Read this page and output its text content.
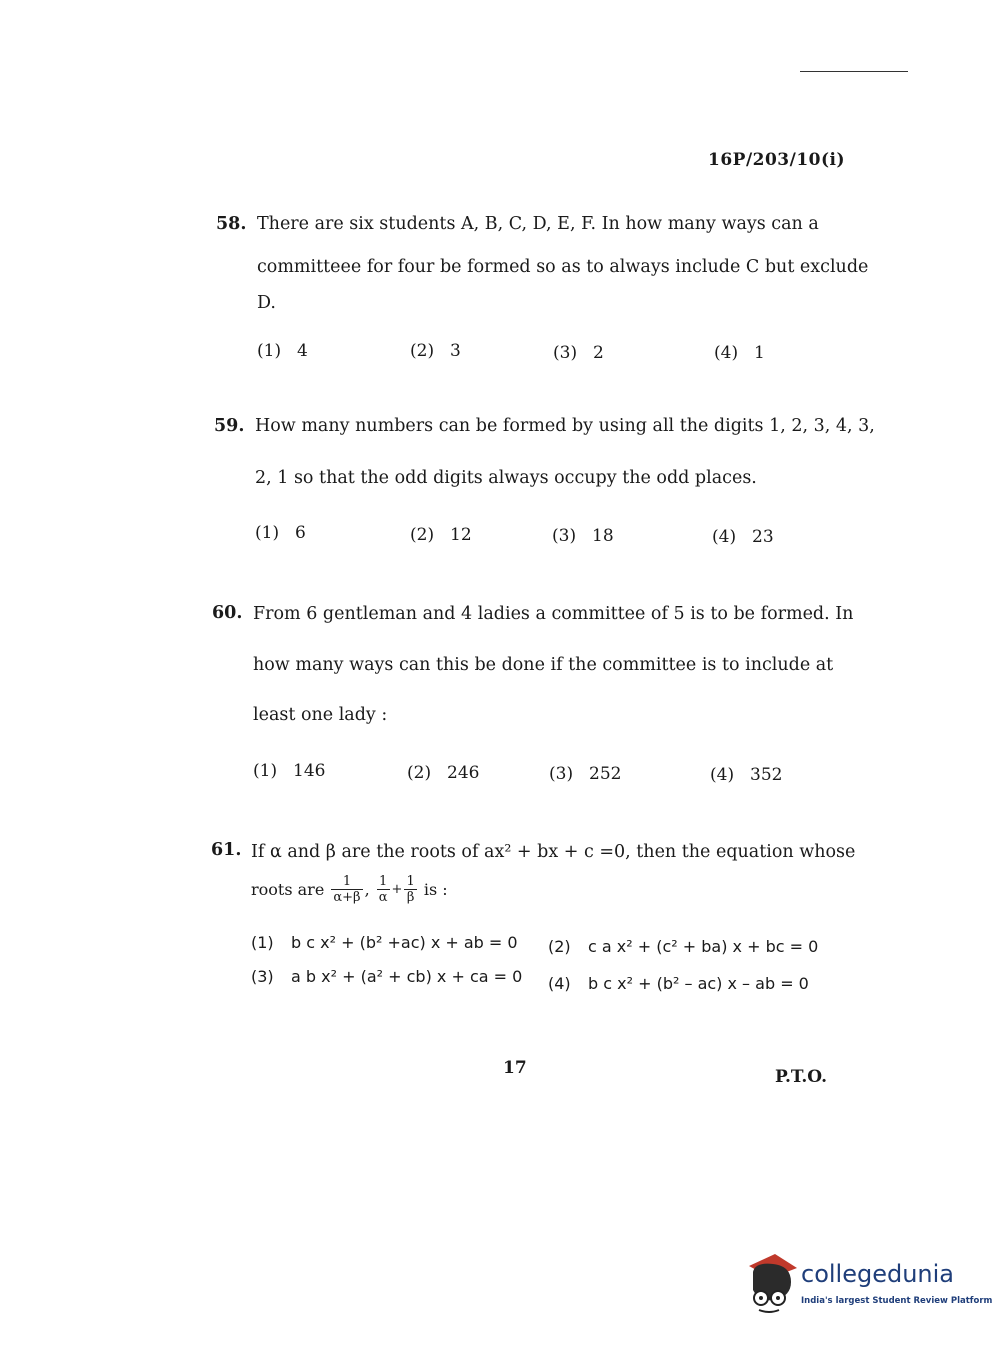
16P/203/10(i)
58. There are six students A, B, C, D, E, F. In how many ways can a
committeee for four be formed so as to always include C but exclude
D.
(1) 4	(2) 3	(3) 2	(4) 1
59. How many numbers can be formed by using all the digits 1, 2, 3, 4, 3,
2, 1 so that the odd digits always occupy the odd places.
(1) 6	(2) 12	(3) 18	(4) 23
60. From 6 gentleman and 4 ladies a committee of 5 is to be formed. In
how many ways can this be done if the committee is to include at
least one lady :
(1) 146	(2) 246	(3) 252	(4) 352
61. If α and β are the roots of ax² + bx + c =0, then the equation whose
roots are $\frac{1}{\alpha+\beta}$ , $\frac{1}{\alpha} + \frac{1}{\beta}$ is :
(1) b c x² + (b² +ac) x + ab = 0 (2) c a x² + (c² + ba) x + bc = 0
(3) a b x² + (a² + cb) x + ca = 0 (4) b c x² + (b² – ac) x – ab = 0
17	P.T.O.
collegedunia
India's largest Student Review Platform
